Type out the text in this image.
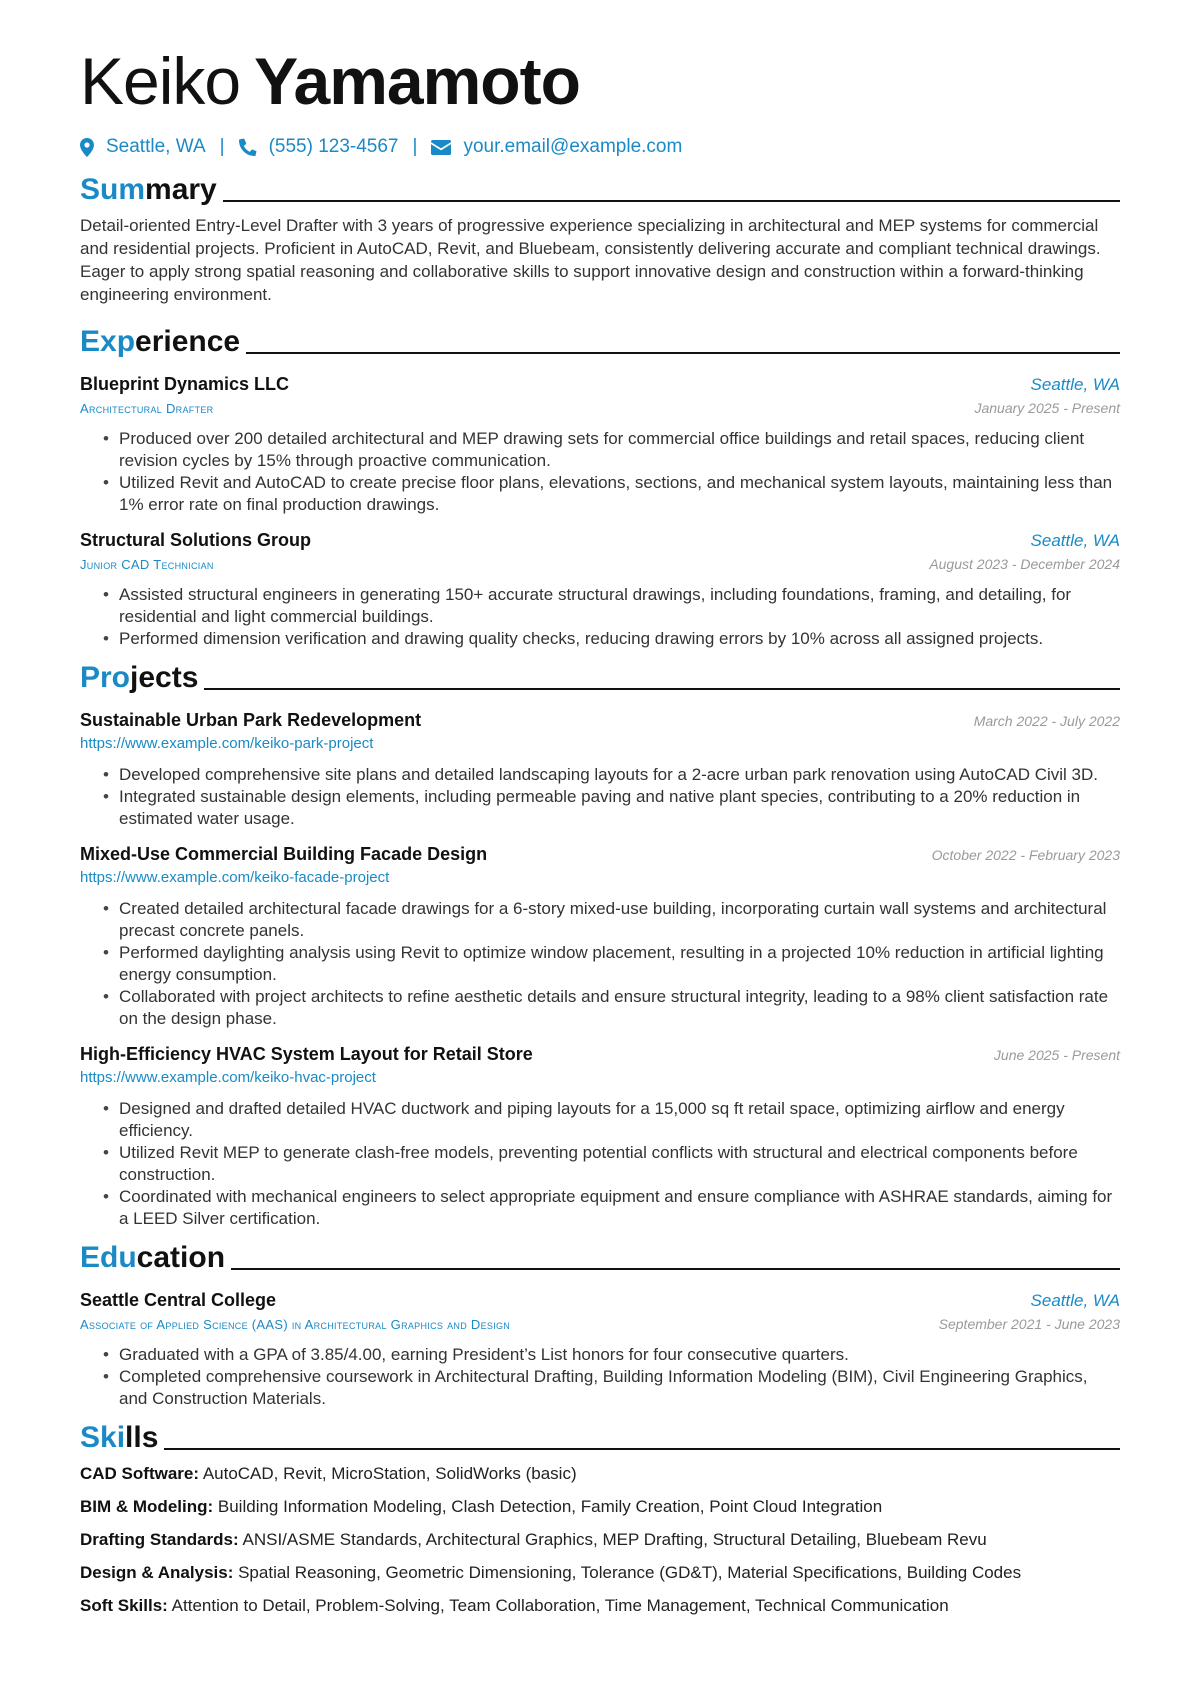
Keiko Yamamoto
Seattle, WA | (555) 123-4567 | your.email@example.com
Summary
Detail-oriented Entry-Level Drafter with 3 years of progressive experience specializing in architectural and MEP systems for commercial and residential projects. Proficient in AutoCAD, Revit, and Bluebeam, consistently delivering accurate and compliant technical drawings. Eager to apply strong spatial reasoning and collaborative skills to support innovative design and construction within a forward-thinking engineering environment.
Experience
Blueprint Dynamics LLC	Seattle, WA
Architectural Drafter	January 2025 - Present
• Produced over 200 detailed architectural and MEP drawing sets for commercial office buildings and retail spaces, reducing client revision cycles by 15% through proactive communication.
• Utilized Revit and AutoCAD to create precise floor plans, elevations, sections, and mechanical system layouts, maintaining less than 1% error rate on final production drawings.
Structural Solutions Group	Seattle, WA
Junior CAD Technician	August 2023 - December 2024
• Assisted structural engineers in generating 150+ accurate structural drawings, including foundations, framing, and detailing, for residential and light commercial buildings.
• Performed dimension verification and drawing quality checks, reducing drawing errors by 10% across all assigned projects.
Projects
Sustainable Urban Park Redevelopment	March 2022 - July 2022
https://www.example.com/keiko-park-project
• Developed comprehensive site plans and detailed landscaping layouts for a 2-acre urban park renovation using AutoCAD Civil 3D.
• Integrated sustainable design elements, including permeable paving and native plant species, contributing to a 20% reduction in estimated water usage.
Mixed-Use Commercial Building Facade Design	October 2022 - February 2023
https://www.example.com/keiko-facade-project
• Created detailed architectural facade drawings for a 6-story mixed-use building, incorporating curtain wall systems and architectural precast concrete panels.
• Performed daylighting analysis using Revit to optimize window placement, resulting in a projected 10% reduction in artificial lighting energy consumption.
• Collaborated with project architects to refine aesthetic details and ensure structural integrity, leading to a 98% client satisfaction rate on the design phase.
High-Efficiency HVAC System Layout for Retail Store	June 2025 - Present
https://www.example.com/keiko-hvac-project
• Designed and drafted detailed HVAC ductwork and piping layouts for a 15,000 sq ft retail space, optimizing airflow and energy efficiency.
• Utilized Revit MEP to generate clash-free models, preventing potential conflicts with structural and electrical components before construction.
• Coordinated with mechanical engineers to select appropriate equipment and ensure compliance with ASHRAE standards, aiming for a LEED Silver certification.
Education
Seattle Central College	Seattle, WA
Associate of Applied Science (AAS) in Architectural Graphics and Design	September 2021 - June 2023
• Graduated with a GPA of 3.85/4.00, earning President’s List honors for four consecutive quarters.
• Completed comprehensive coursework in Architectural Drafting, Building Information Modeling (BIM), Civil Engineering Graphics, and Construction Materials.
Skills
CAD Software: AutoCAD, Revit, MicroStation, SolidWorks (basic)
BIM & Modeling: Building Information Modeling, Clash Detection, Family Creation, Point Cloud Integration
Drafting Standards: ANSI/ASME Standards, Architectural Graphics, MEP Drafting, Structural Detailing, Bluebeam Revu
Design & Analysis: Spatial Reasoning, Geometric Dimensioning, Tolerance (GD&T), Material Specifications, Building Codes
Soft Skills: Attention to Detail, Problem-Solving, Team Collaboration, Time Management, Technical Communication
